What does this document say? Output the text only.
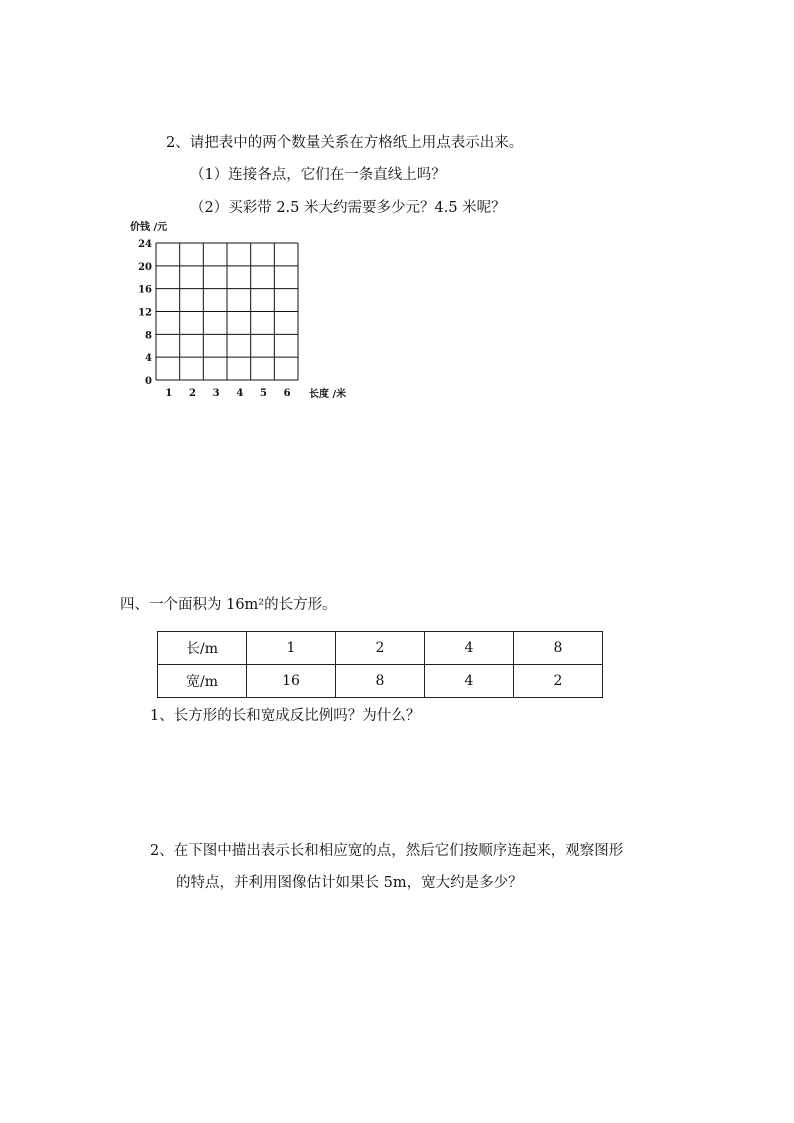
2、请把表中的两个数量关系在方格纸上用点表示出来。
（1）连接各点，它们在一条直线上吗？
（2）买彩带 2.5 米大约需要多少元？4.5 米呢？
价钱 /元
0
4
8
12
16
20
24
1 2 3 4 5 6 长度 /米
四、一个面积为 16m²的长方形。
长/m	1	2	4	8
宽/m	16	8	4	2
1、长方形的长和宽成反比例吗？为什么？
2、在下图中描出表示长和相应宽的点，然后它们按顺序连起来，观察图形
的特点，并利用图像估计如果长 5m，宽大约是多少？
